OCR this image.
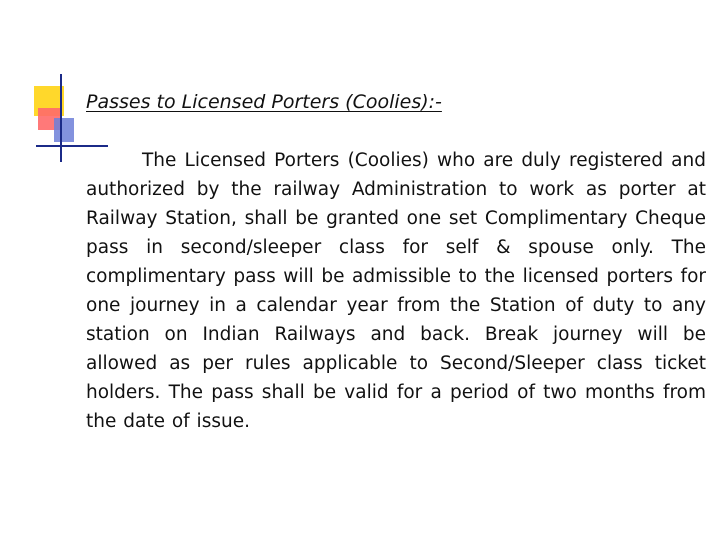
Passes to Licensed Porters (Coolies):-

The Licensed Porters (Coolies) who are duly registered and authorized by the railway Administration to work as porter at Railway Station, shall be granted one set Complimentary Cheque pass in second/sleeper class for self & spouse only. The complimentary pass will be admissible to the licensed porters for one journey in a calendar year from the Station of duty to any station on Indian Railways and back. Break journey will be allowed as per rules applicable to Second/Sleeper class ticket holders. The pass shall be valid for a period of two months from the date of issue.
